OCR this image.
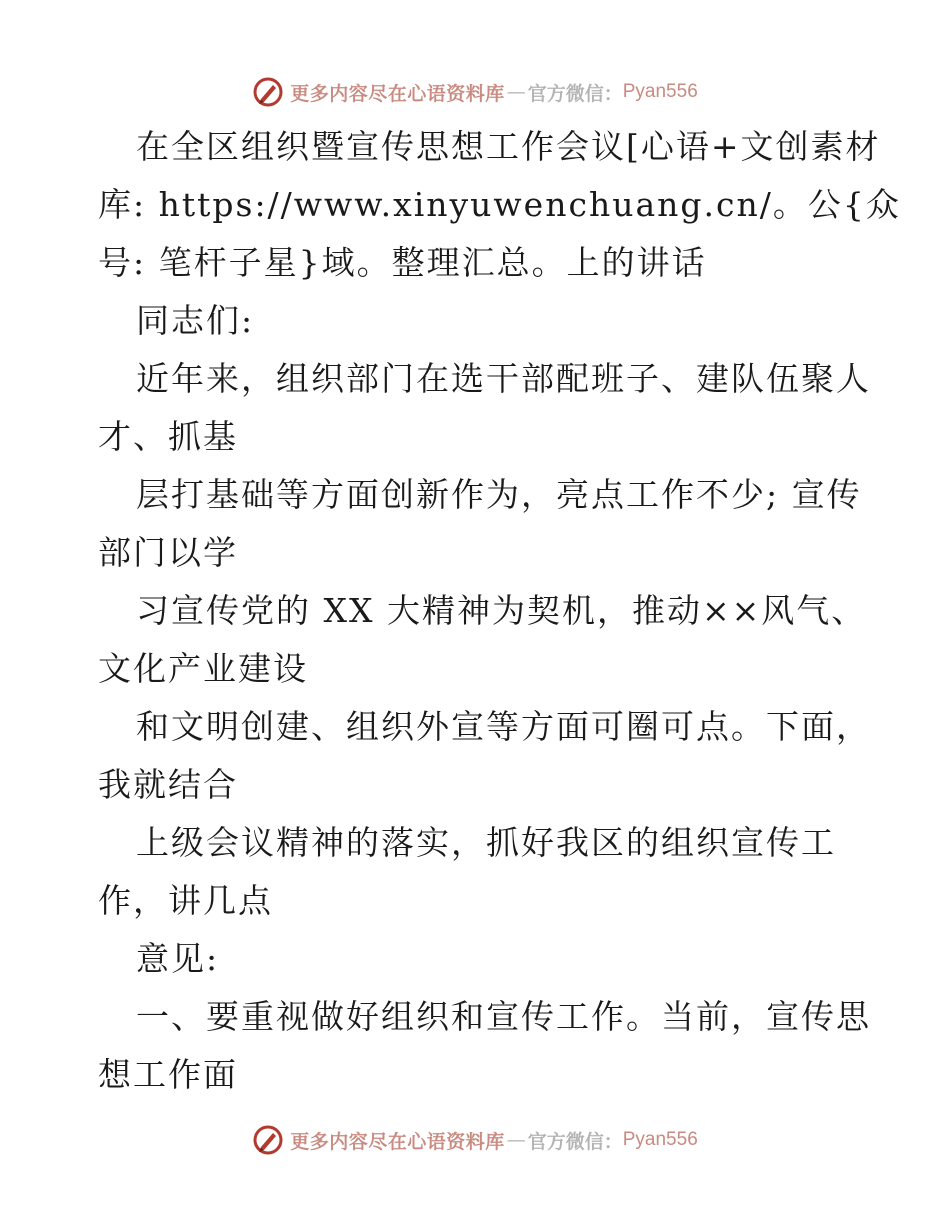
更多内容尽在心语资料库 — 官方微信： Pyan556
在全区组织暨宣传思想工作会议[心语+文创素材
库: https://www.xinyuwenchuang.cn/。公{众
号: 笔杆子星}域。整理汇总。上的讲话
同志们:
近年来，组织部门在选干部配班子、建队伍聚人
才、抓基
层打基础等方面创新作为，亮点工作不少; 宣传
部门以学
习宣传党的 XX 大精神为契机，推动××风气、
文化产业建设
和文明创建、组织外宣等方面可圈可点。下面，
我就结合
上级会议精神的落实，抓好我区的组织宣传工
作，讲几点
意见:
一、要重视做好组织和宣传工作。当前，宣传思
想工作面
更多内容尽在心语资料库 — 官方微信： Pyan556
